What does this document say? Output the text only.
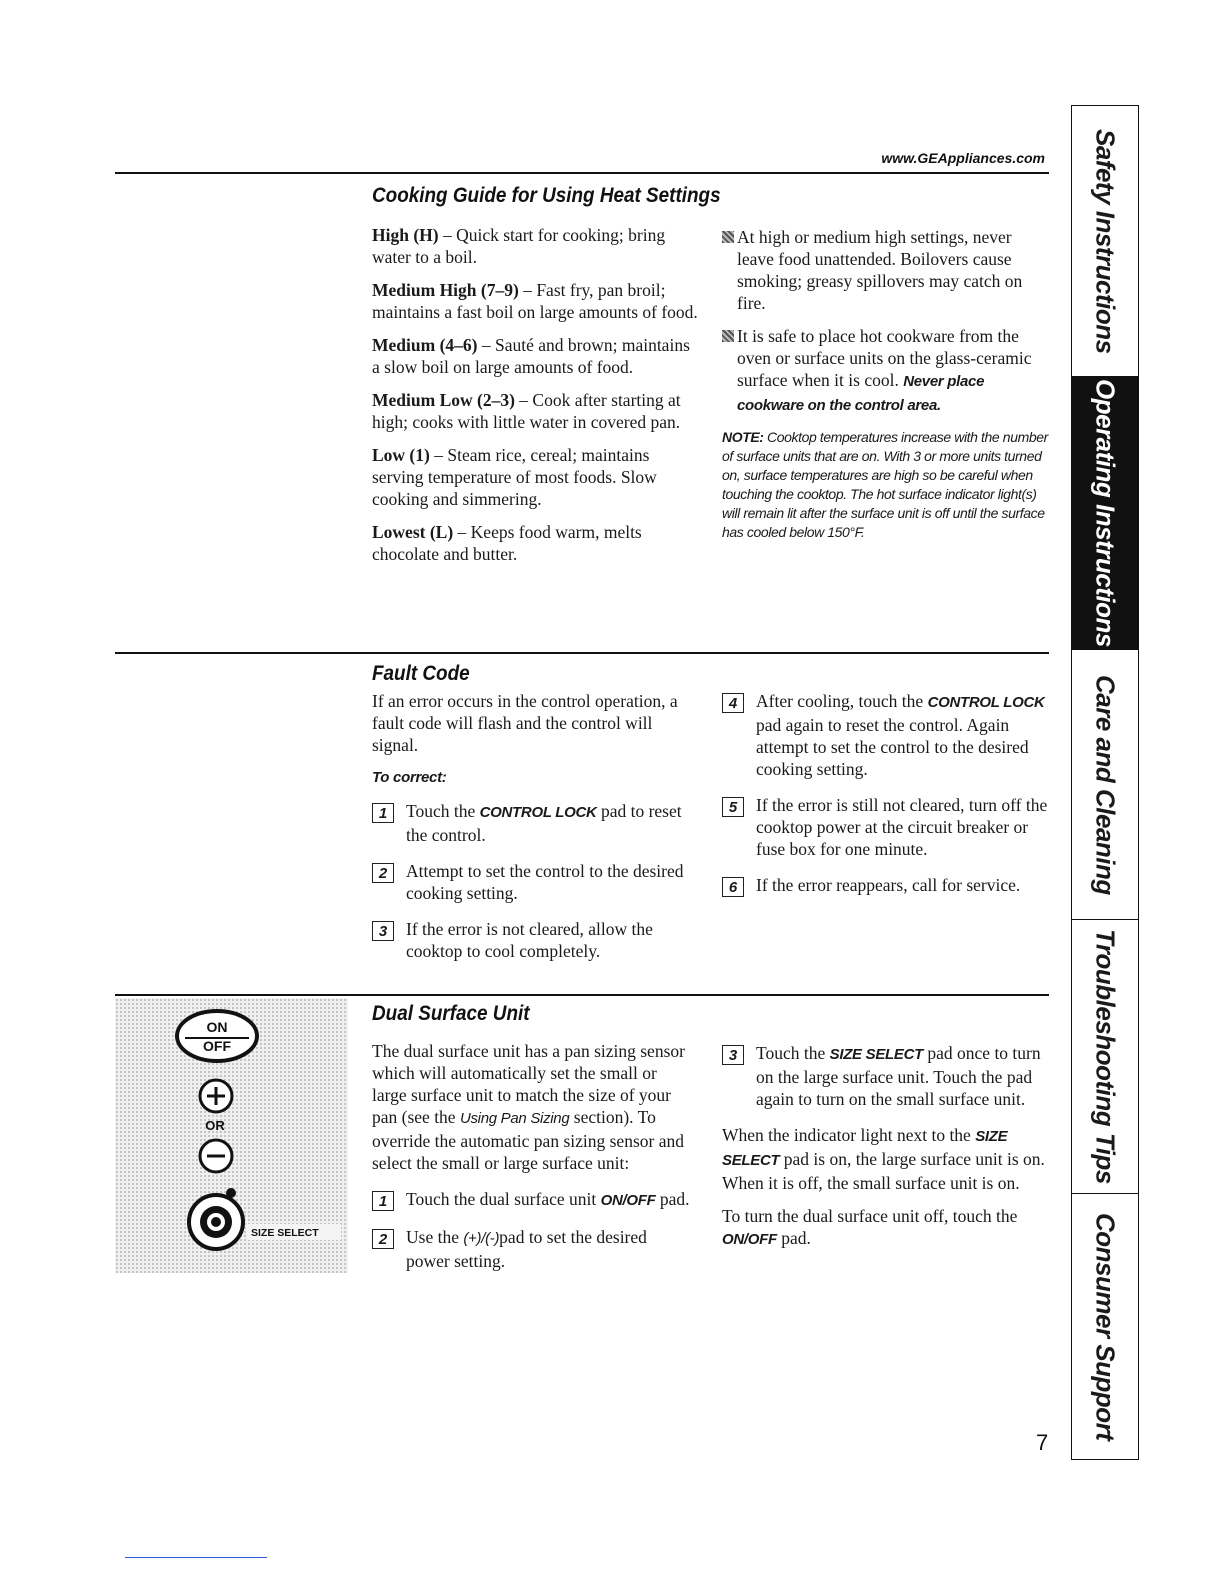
www.GEAppliances.com
Cooking Guide for Using Heat Settings

High (H) – Quick start for cooking; bring water to a boil.

Medium High (7–9) – Fast fry, pan broil; maintains a fast boil on large amounts of food.

Medium (4–6) – Sauté and brown; maintains a slow boil on large amounts of food.

Medium Low (2–3) – Cook after starting at high; cooks with little water in covered pan.

Low (1) – Steam rice, cereal; maintains serving temperature of most foods. Slow cooking and simmering.

Lowest (L) – Keeps food warm, melts chocolate and butter.

At high or medium high settings, never leave food unattended. Boilovers cause smoking; greasy spillovers may catch on fire.
It is safe to place hot cookware from the oven or surface units on the glass-ceramic surface when it is cool. Never place cookware on the control area.
NOTE: Cooktop temperatures increase with the number of surface units that are on. With 3 or more units turned on, surface temperatures are high so be careful when touching the cooktop. The hot surface indicator light(s) will remain lit after the surface unit is off until the surface has cooled below 150°F.
Fault Code

If an error occurs in the control operation, a fault code will flash and the control will signal.

To correct:

1	Touch the CONTROL LOCK pad to reset the control.
2	Attempt to set the control to the desired cooking setting.
3	If the error is not cleared, allow the cooktop to cool completely.
4	After cooling, touch the CONTROL LOCK pad again to reset the control. Again attempt to set the control to the desired cooking setting.
5	If the error is still not cleared, turn off the cooktop power at the circuit breaker or fuse box for one minute.
6	If the error reappears, call for service.
Dual Surface Unit
ON
OFF
OR
SIZE SELECT

The dual surface unit has a pan sizing sensor which will automatically set the small or large surface unit to match the size of your pan (see the Using Pan Sizing section). To override the automatic pan sizing sensor and select the small or large surface unit:

1	Touch the dual surface unit ON/OFF pad.
2	Use the (+)/(-)pad to set the desired power setting.
3	Touch the SIZE SELECT pad once to turn on the large surface unit. Touch the pad again to turn on the small surface unit.

When the indicator light next to the SIZE SELECT pad is on, the large surface unit is on. When it is off, the small surface unit is on.

To turn the dual surface unit off, touch the ON/OFF pad.

Safety Instructions
Operating Instructions
Care and Cleaning
Troubleshooting Tips
Consumer Support
7
